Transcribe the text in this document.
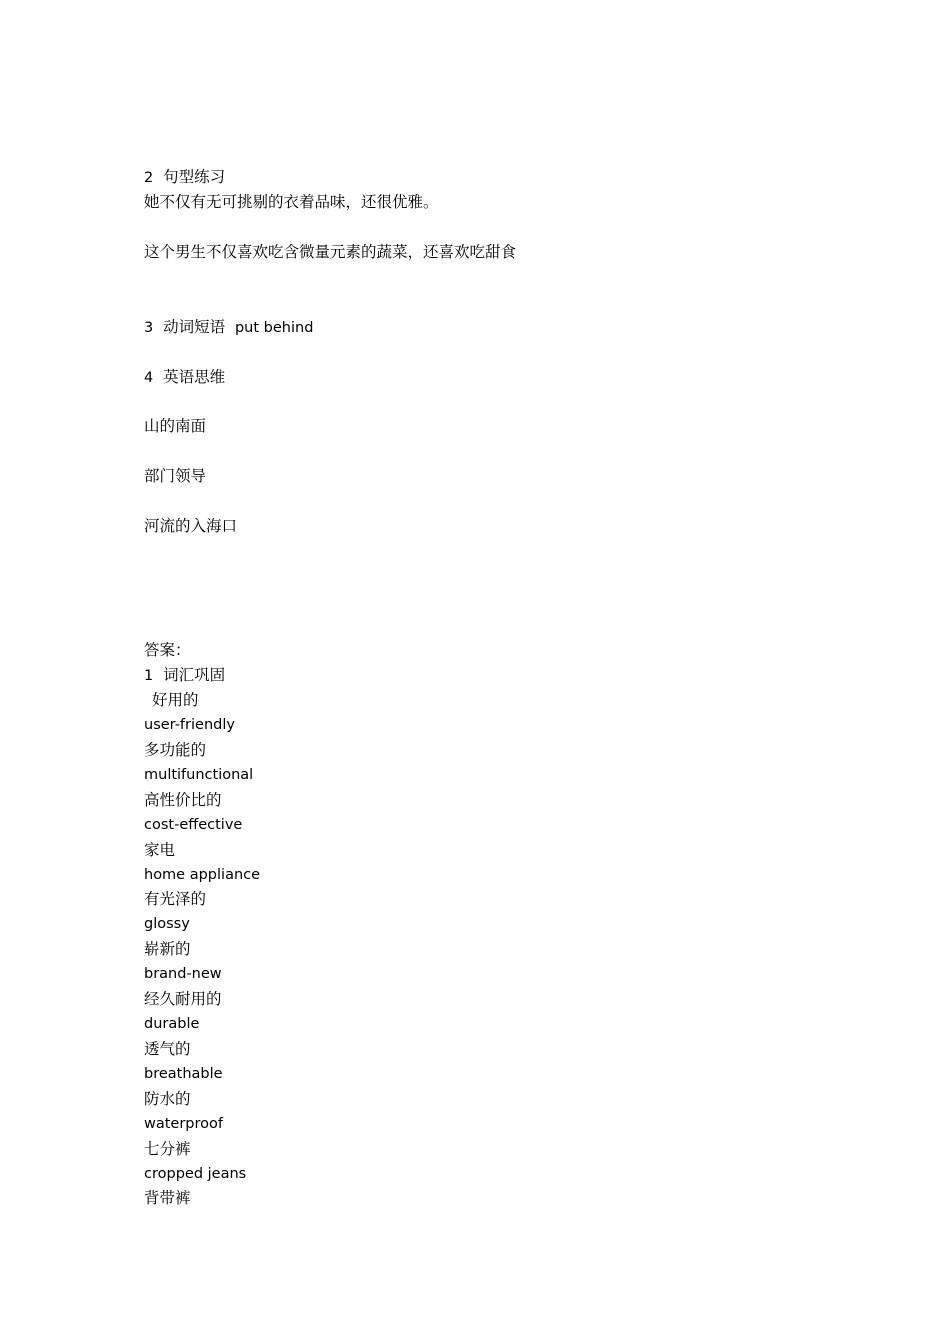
2 句型练习
她不仅有无可挑剔的衣着品味，还很优雅。
这个男生不仅喜欢吃含微量元素的蔬菜，还喜欢吃甜食
3 动词短语 put behind
4 英语思维
山的南面
部门领导
河流的入海口
答案：
1 词汇巩固
好用的
user-friendly
多功能的
multifunctional
高性价比的
cost-effective
家电
home appliance
有光泽的
glossy
崭新的
brand-new
经久耐用的
durable
透气的
breathable
防水的
waterproof
七分裤
cropped jeans
背带裤
